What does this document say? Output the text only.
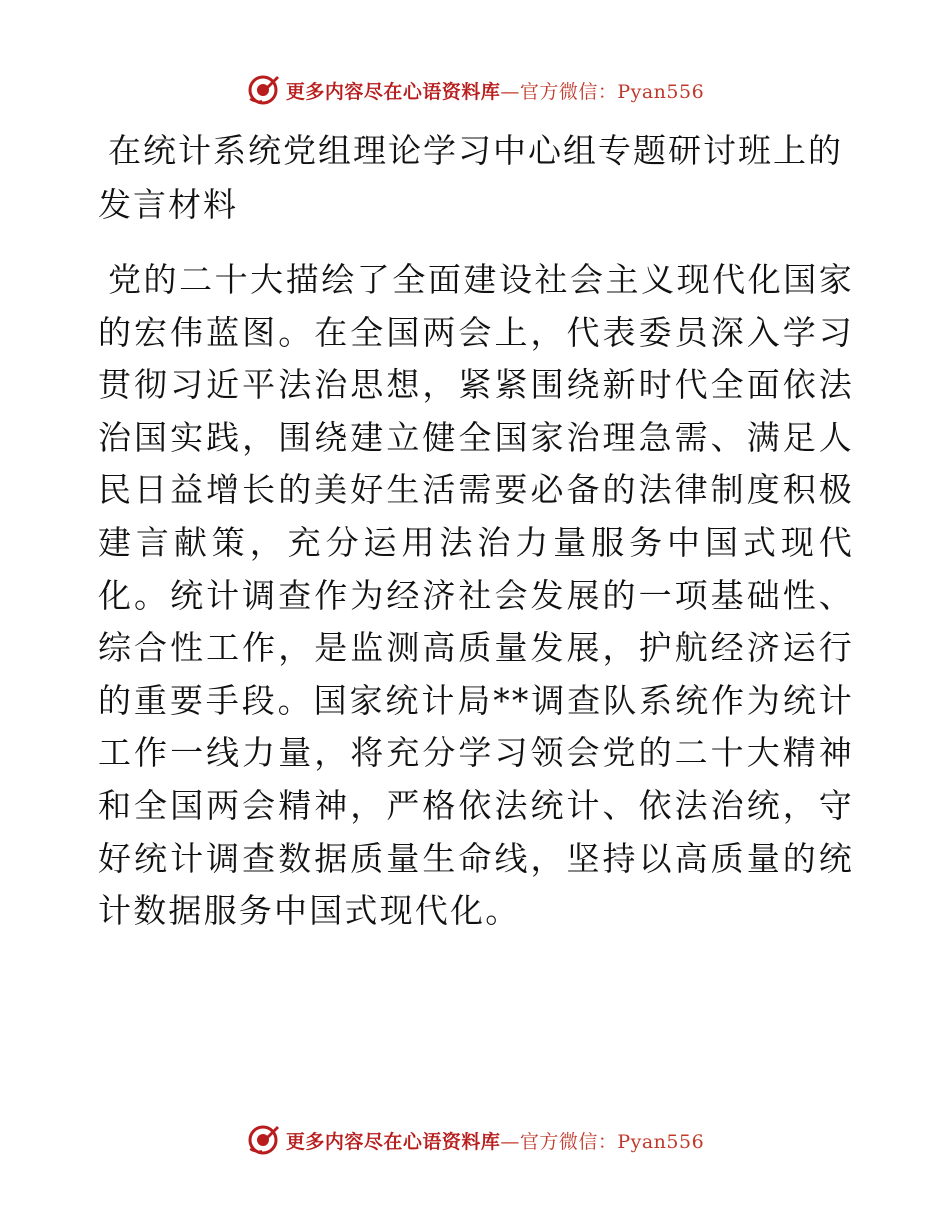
更多内容尽在心语资料库—官方微信：Pyan556
在统计系统党组理论学习中心组专题研讨班上的发言材料
党的二十大描绘了全面建设社会主义现代化国家的宏伟蓝图。在全国两会上，代表委员深入学习贯彻习近平法治思想，紧紧围绕新时代全面依法治国实践，围绕建立健全国家治理急需、满足人民日益增长的美好生活需要必备的法律制度积极建言献策，充分运用法治力量服务中国式现代化。统计调查作为经济社会发展的一项基础性、综合性工作，是监测高质量发展，护航经济运行的重要手段。国家统计局**调查队系统作为统计工作一线力量，将充分学习领会党的二十大精神和全国两会精神，严格依法统计、依法治统，守好统计调查数据质量生命线，坚持以高质量的统计数据服务中国式现代化。
更多内容尽在心语资料库—官方微信：Pyan556
